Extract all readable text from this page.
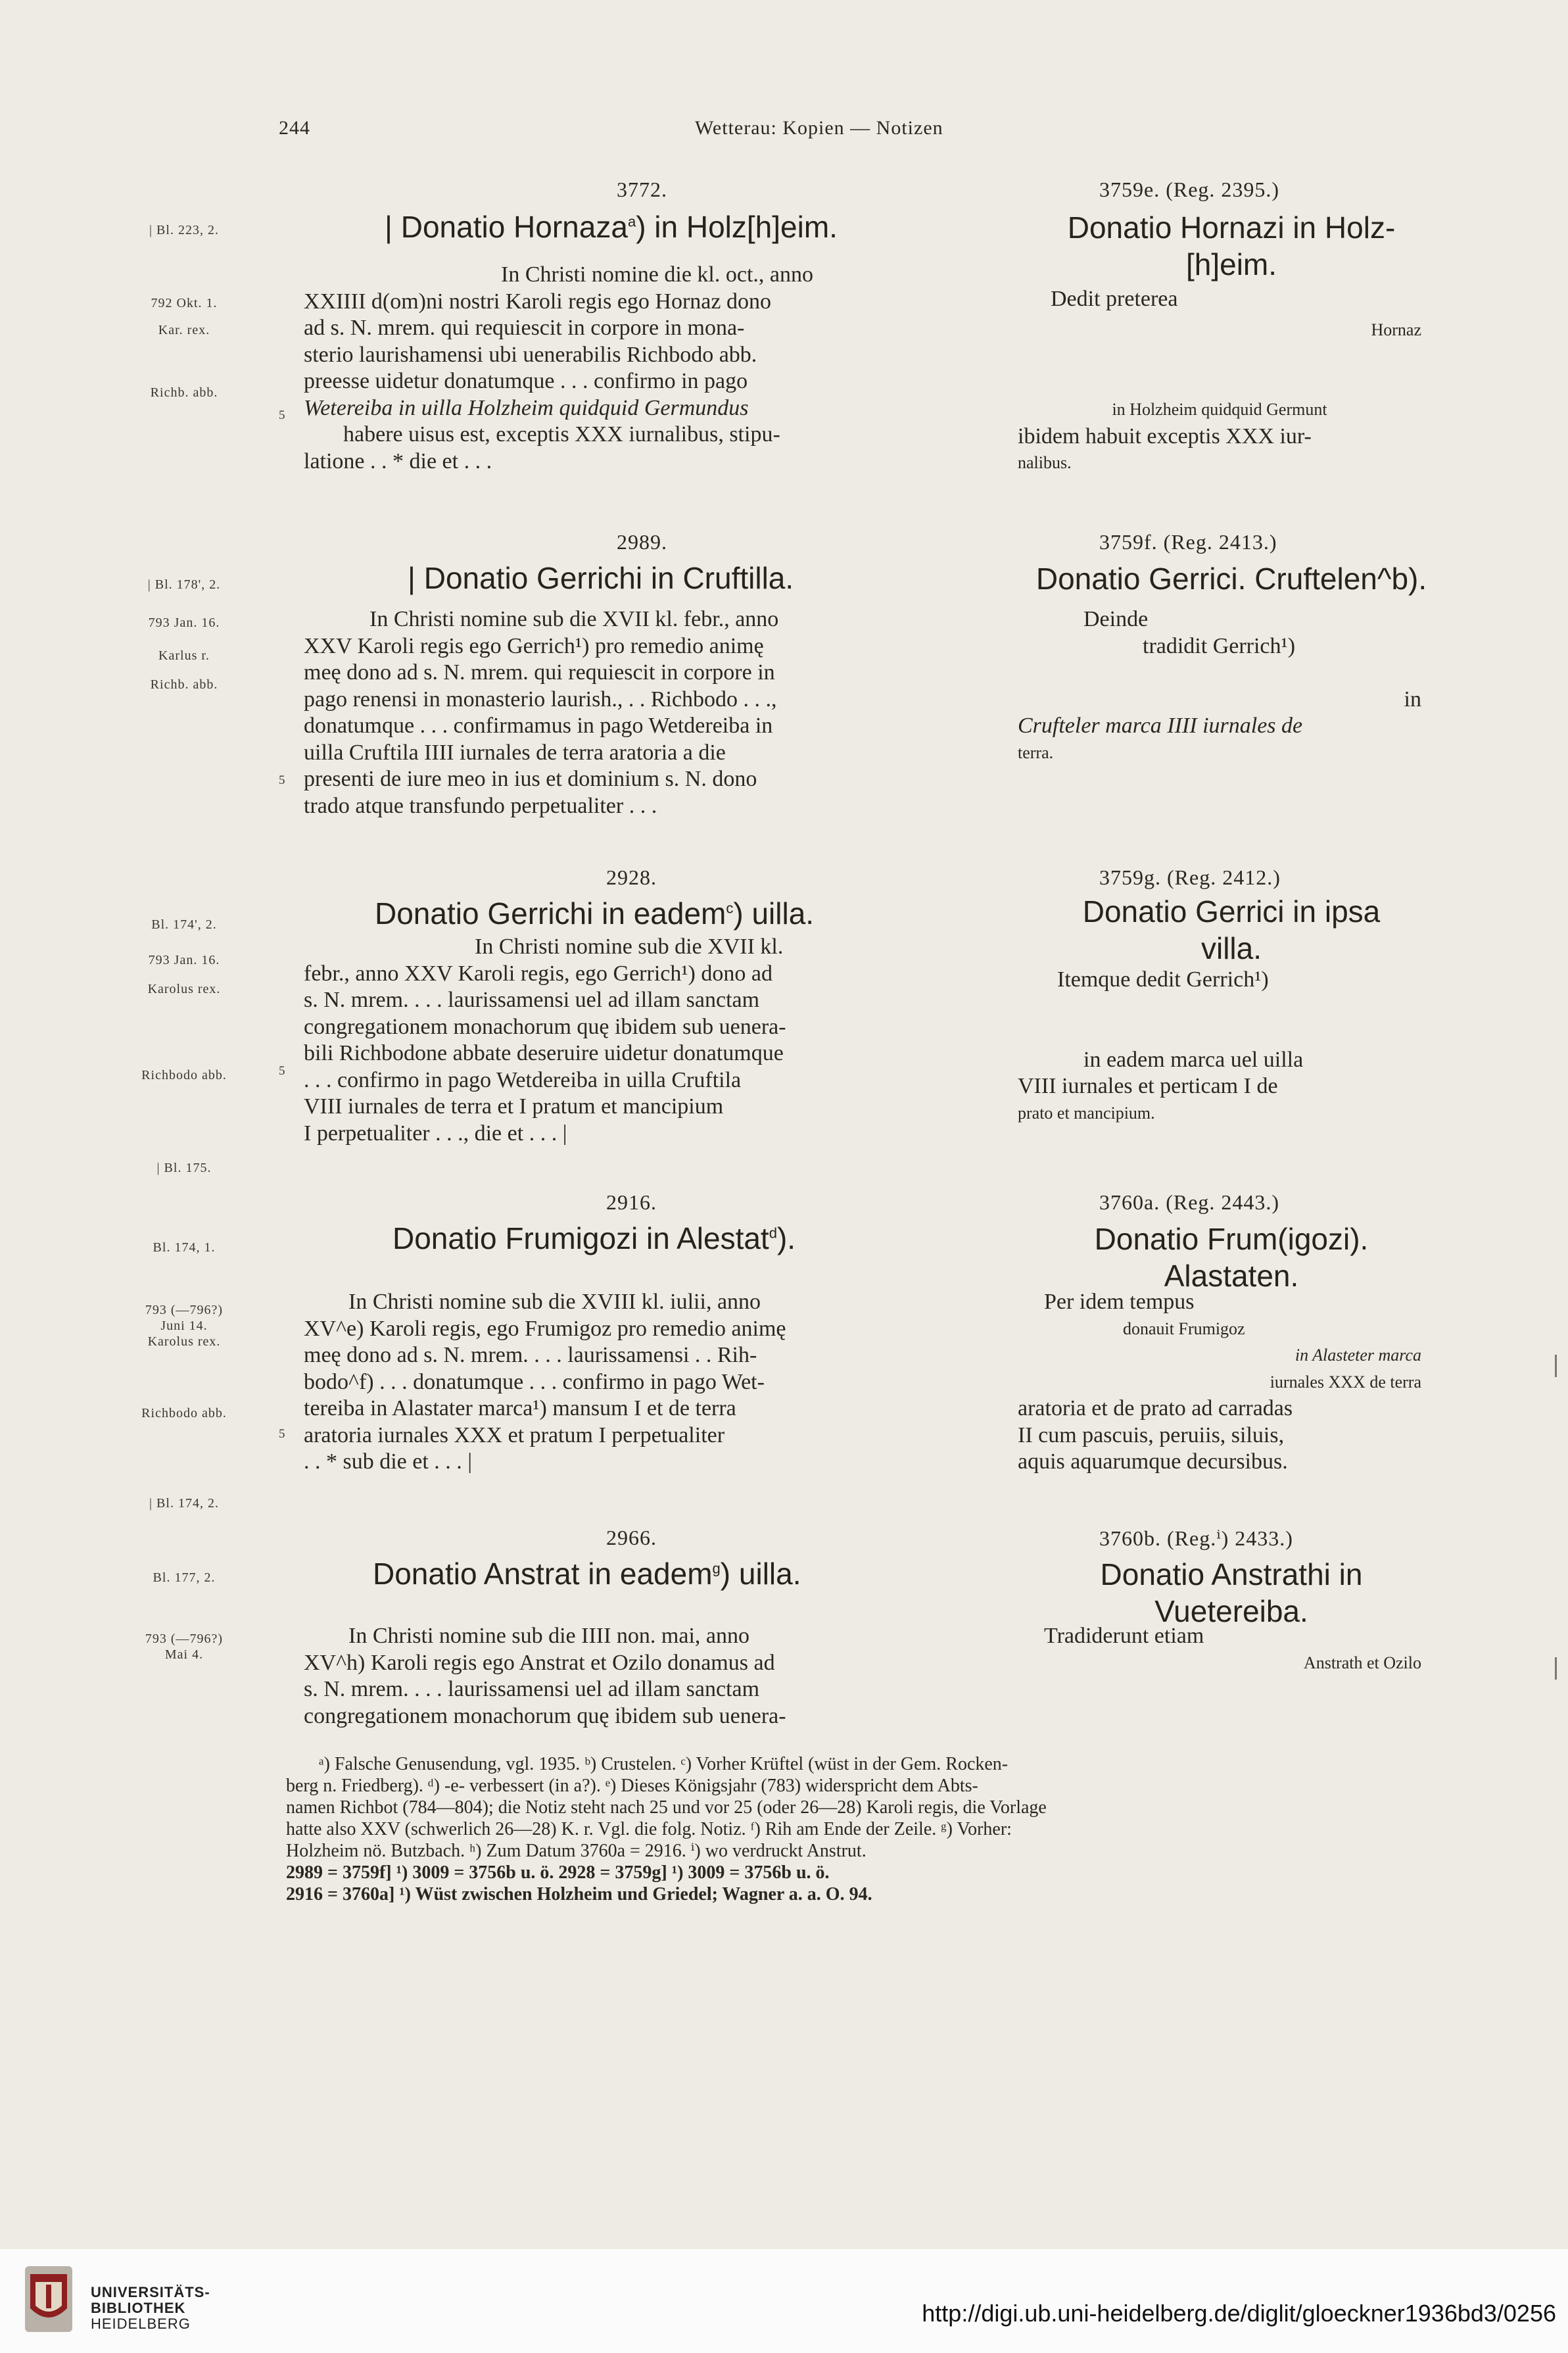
244	Wetterau: Kopien — Notizen
| Bl. 223, 2.
792 Okt. 1.
Kar. rex.
Richb. abb.
| Bl. 178', 2.
793 Jan. 16.
Karlus r.
Richb. abb.
Bl. 174', 2.
793 Jan. 16.
Karolus rex.
Richbodo abb.
| Bl. 175.
Bl. 174, 1.
793 (—796?)
Juni 14.
Karolus rex.
Richbodo abb.
| Bl. 174, 2.
Bl. 177, 2.
793 (—796?)
Mai 4.
5
5
5
5
3772.
| Donatio Hornaza$^a$) in Holz[h]eim.
In Christi nomine die kl. oct., anno
XXIIII d(om)ni nostri Karoli regis ego Hornaz dono
ad s. N. mrem. qui requiescit in corpore in mona-
sterio laurishamensi ubi uenerabilis Richbodo abb.
preesse uidetur donatumque . . . confirmo in pago
Wetereiba in uilla Holzheim quidquid Germundus
habere uisus est, exceptis XXX iurnalibus, stipu-
latione . . * die et . . .
3759e. (Reg. 2395.)
Donatio Hornazi in Holz-
[h]eim.
Dedit preterea
Hornaz
in Holzheim quidquid Germunt
ibidem habuit exceptis XXX iur-
nalibus.
2989.
| Donatio Gerrichi in Cruftilla.
In Christi nomine sub die XVII kl. febr., anno
XXV Karoli regis ego Gerrich¹) pro remedio animę
meę dono ad s. N. mrem. qui requiescit in corpore in
pago renensi in monasterio laurish., . . Richbodo . . .,
donatumque . . . confirmamus in pago Wetdereiba in
uilla Cruftila IIII iurnales de terra aratoria a die
presenti de iure meo in ius et dominium s. N. dono
trado atque transfundo perpetualiter . . .
3759f. (Reg. 2413.)
Donatio Gerrici. Cruftelen^b).
Deinde
tradidit Gerrich¹)
in
Crufteler marca IIII iurnales de
terra.
2928.
Donatio Gerrichi in eadem$^c$) uilla.
In Christi nomine sub die XVII kl.
febr., anno XXV Karoli regis, ego Gerrich¹) dono ad
s. N. mrem. . . . laurissamensi uel ad illam sanctam
congregationem monachorum quę ibidem sub uenera-
bili Richbodone abbate deseruire uidetur donatumque
. . . confirmo in pago Wetdereiba in uilla Cruftila
VIII iurnales de terra et I pratum et mancipium
I perpetualiter . . ., die et . . . |
3759g. (Reg. 2412.)
Donatio Gerrici in ipsa
villa.
Itemque dedit Gerrich¹)
in eadem marca uel uilla
VIII iurnales et perticam I de
prato et mancipium.
2916.
Donatio Frumigozi in Alestat$^d$).
In Christi nomine sub die XVIII kl. iulii, anno
XV^e) Karoli regis, ego Frumigoz pro remedio animę
meę dono ad s. N. mrem. . . . laurissamensi . . Rih-
bodo^f) . . . donatumque . . . confirmo in pago Wet-
tereiba in Alastater marca¹) mansum I et de terra
aratoria iurnales XXX et pratum I perpetualiter
. . * sub die et . . . |
3760a. (Reg. 2443.)
Donatio Frum(igozi).
Alastaten.
Per idem tempus
donauit Frumigoz
in Alasteter marca
iurnales XXX de terra
aratoria et de prato ad carradas
II cum pascuis, peruiis, siluis,
aquis aquarumque decursibus.
2966.
Donatio Anstrat in eadem$^g$) uilla.
In Christi nomine sub die IIII non. mai, anno
XV^h) Karoli regis ego Anstrat et Ozilo donamus ad
s. N. mrem. . . . laurissamensi uel ad illam sanctam
congregationem monachorum quę ibidem sub uenera-
3760b. (Reg.ⁱ) 2433.)
Donatio Anstrathi in
Vuetereiba.
Tradiderunt etiam
Anstrath et Ozilo
ᵃ) Falsche Genusendung, vgl. 1935. ᵇ) Crustelen. ᶜ) Vorher Krüftel (wüst in der Gem. Rocken-
berg n. Friedberg). ᵈ) -e- verbessert (in a?). ᵉ) Dieses Königsjahr (783) widerspricht dem Abts-
namen Richbot (784—804); die Notiz steht nach 25 und vor 25 (oder 26—28) Karoli regis, die Vorlage
hatte also XXV (schwerlich 26—28) K. r. Vgl. die folg. Notiz. ᶠ) Rih am Ende der Zeile. ᵍ) Vorher:
Holzheim nö. Butzbach. ʰ) Zum Datum 3760a = 2916. ⁱ) wo verdruckt Anstrut.
2989 = 3759f] ¹) 3009 = 3756b u. ö. 2928 = 3759g] ¹) 3009 = 3756b u. ö.
2916 = 3760a] ¹) Wüst zwischen Holzheim und Griedel; Wagner a. a. O. 94.
UNIVERSITÄTS-
BIBLIOTHEK
HEIDELBERG	http://digi.ub.uni-heidelberg.de/diglit/gloeckner1936bd3/0256
